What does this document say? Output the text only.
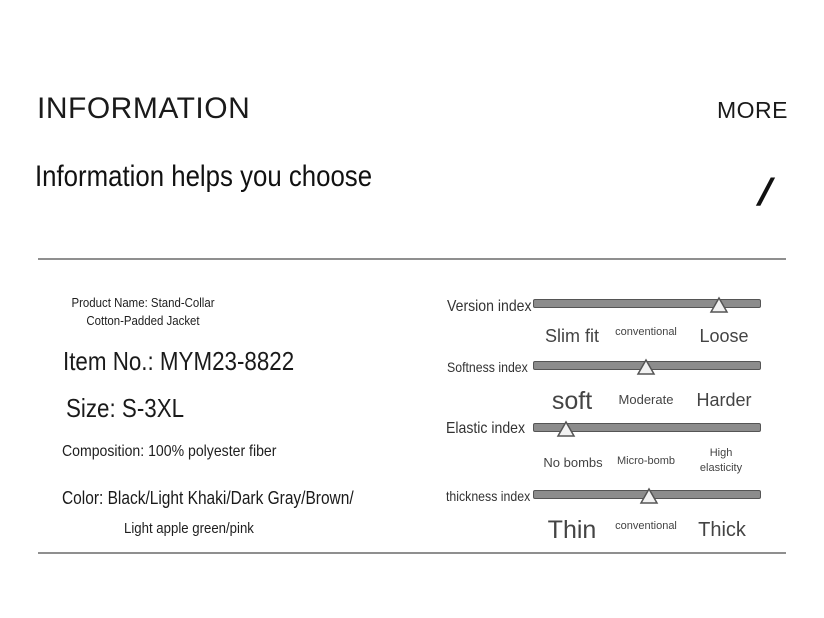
INFORMATION	MORE
Information helps you choose	/
Product Name: Stand-Collar
Cotton-Padded Jacket
Item No.: MYM23-8822
Size: S-3XL
Composition: 100% polyester fiber
Color: Black/Light Khaki/Dark Gray/Brown/
Light apple green/pink
Version index
Slim fit conventional Loose
Softness index
soft Moderate Harder
Elastic index
No bombs Micro-bomb
High elasticity
thickness index
Thin conventional Thick
